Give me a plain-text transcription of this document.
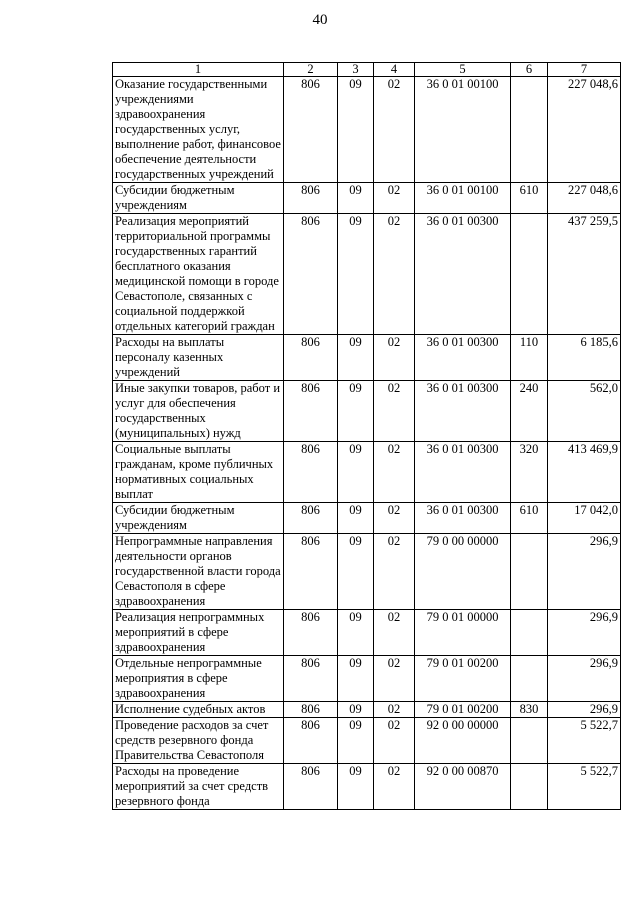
40
1	2	3	4	5	6	7
Оказание государственными учреждениями здравоохранения государственных услуг, выполнение работ, финансовое обеспечение деятельности государственных учреждений	806	09	02	36 0 01 00100		227 048,6
Субсидии бюджетным учреждениям	806	09	02	36 0 01 00100	610	227 048,6
Реализация мероприятий территориальной программы государственных гарантий бесплатного оказания медицинской помощи в городе Севастополе, связанных с социальной поддержкой отдельных категорий граждан	806	09	02	36 0 01 00300		437 259,5
Расходы на выплаты персоналу казенных учреждений	806	09	02	36 0 01 00300	110	6 185,6
Иные закупки товаров, работ и услуг для обеспечения государственных (муниципальных) нужд	806	09	02	36 0 01 00300	240	562,0
Социальные выплаты гражданам, кроме публичных нормативных социальных выплат	806	09	02	36 0 01 00300	320	413 469,9
Субсидии бюджетным учреждениям	806	09	02	36 0 01 00300	610	17 042,0
Непрограммные направления деятельности органов государственной власти города Севастополя в сфере здравоохранения	806	09	02	79 0 00 00000		296,9
Реализация непрограммных мероприятий в сфере здравоохранения	806	09	02	79 0 01 00000		296,9
Отдельные непрограммные мероприятия в сфере здравоохранения	806	09	02	79 0 01 00200		296,9
Исполнение судебных актов	806	09	02	79 0 01 00200	830	296,9
Проведение расходов за счет средств резервного фонда Правительства Севастополя	806	09	02	92 0 00 00000		5 522,7
Расходы на проведение мероприятий за счет средств резервного фонда	806	09	02	92 0 00 00870		5 522,7
